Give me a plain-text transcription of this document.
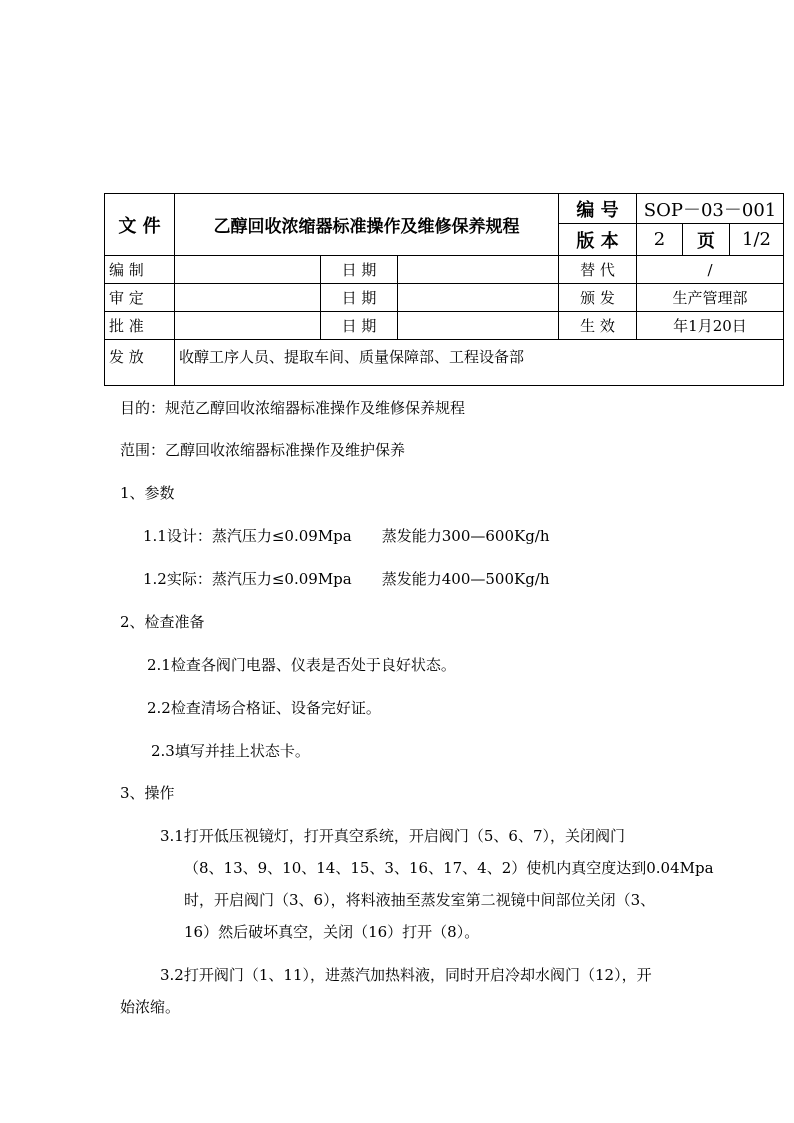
文 件	乙醇回收浓缩器标准操作及维修保养规程			编 号	SOP－03－001		
				版 本	2	页	1/2
编 制		日 期		替 代	/		
审 定		日 期		颁 发	生产管理部		
批 准		日 期		生 效	年1月20日		
发 放	收醇工序人员、提取车间、质量保障部、工程设备部						
目的：规范乙醇回收浓缩器标准操作及维修保养规程
范围：乙醇回收浓缩器标准操作及维护保养
1、参数
1.1设计：蒸汽压力≤0.09Mpa　　蒸发能力300—600Kg/h
1.2实际：蒸汽压力≤0.09Mpa　　蒸发能力400—500Kg/h
2、检查准备
2.1检查各阀门电器、仪表是否处于良好状态。
2.2检查清场合格证、设备完好证。
2.3填写并挂上状态卡。
3、操作
3.1打开低压视镜灯，打开真空系统，开启阀门（5、6、7），关闭阀门
（8、13、9、10、14、15、3、16、17、4、2）使机内真空度达到0.04Mpa
时，开启阀门（3、6），将料液抽至蒸发室第二视镜中间部位关闭（3、
16）然后破坏真空，关闭（16）打开（8）。
3.2打开阀门（1、11），进蒸汽加热料液，同时开启冷却水阀门（12），开
始浓缩。
